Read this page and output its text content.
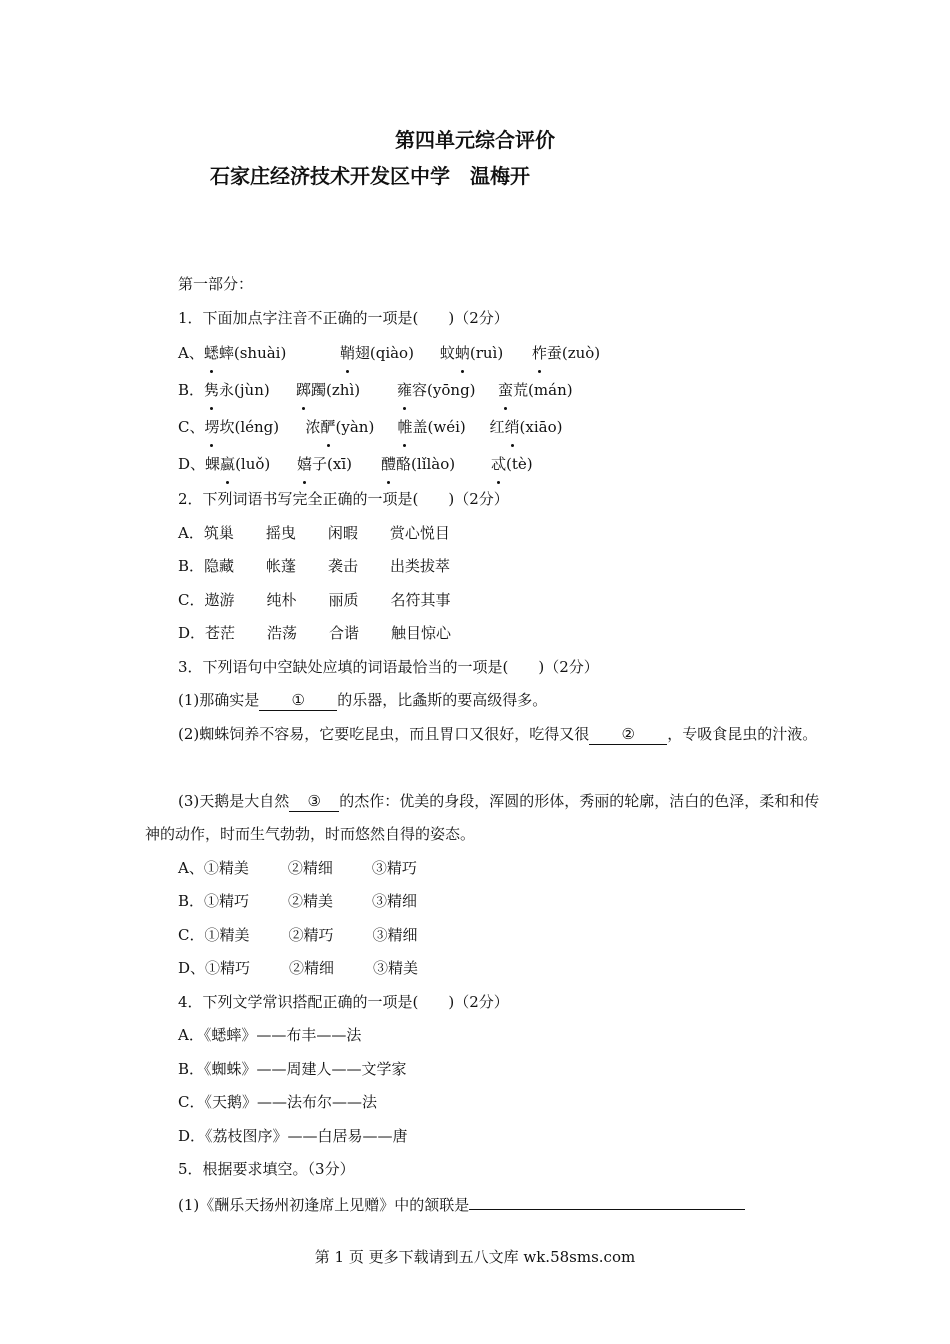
第四单元综合评价
石家庄经济技术开发区中学　温梅开
第一部分：
1．下面加点字注音不正确的一项是(　　)（2分）
A、蟋蟀(shuài)	鞘翅(qiào) 蚊蚋(ruì) 柞蚕(zuò)
B．隽永(jùn) 踯躅(zhì) 雍容(yōng) 蛮荒(mán)
C、塄坎(léng) 浓酽(yàn) 帷盖(wéi) 红绡(xiāo)
D、蜾蠃(luǒ) 嬉子(xī) 醴酪(lǐlào) 忒(tè)
2．下列词语书写完全正确的一项是(　　)（2分）
A．筑巢 摇曳 闲暇 赏心悦目
B．隐藏 帐蓬 袭击 出类拔萃
C．遨游 纯朴 丽质 名符其事
D．苍茫 浩荡 合谐 触目惊心
3．下列语句中空缺处应填的词语最恰当的一项是(　　)（2分）
(1)那确实是 ① 的乐器，比螽斯的要高级得多。
(2)蜘蛛饲养不容易，它要吃昆虫，而且胃口又很好，吃得又很 ② ，专吸食昆虫的汁液。
(3)天鹅是大自然 ③ 的杰作：优美的身段，浑圆的形体，秀丽的轮廓，洁白的色泽，柔和和传神的动作，时而生气勃勃，时而悠然自得的姿态。
A、①精美	②精细	③精巧
B．①精巧	②精美	③精细
C．①精美	②精巧	③精细
D、①精巧	②精细	③精美
4．下列文学常识搭配正确的一项是(　　)（2分）
A．《蟋蟀》——布丰——法
B．《蜘蛛》——周建人——文学家
C．《天鹅》——法布尔——法
D．《荔枝图序》——白居易——唐
5．根据要求填空。（3分）
(1)《酬乐天扬州初逢席上见赠》中的颔联是
第 1 页 更多下载请到五八文库 wk.58sms.com
